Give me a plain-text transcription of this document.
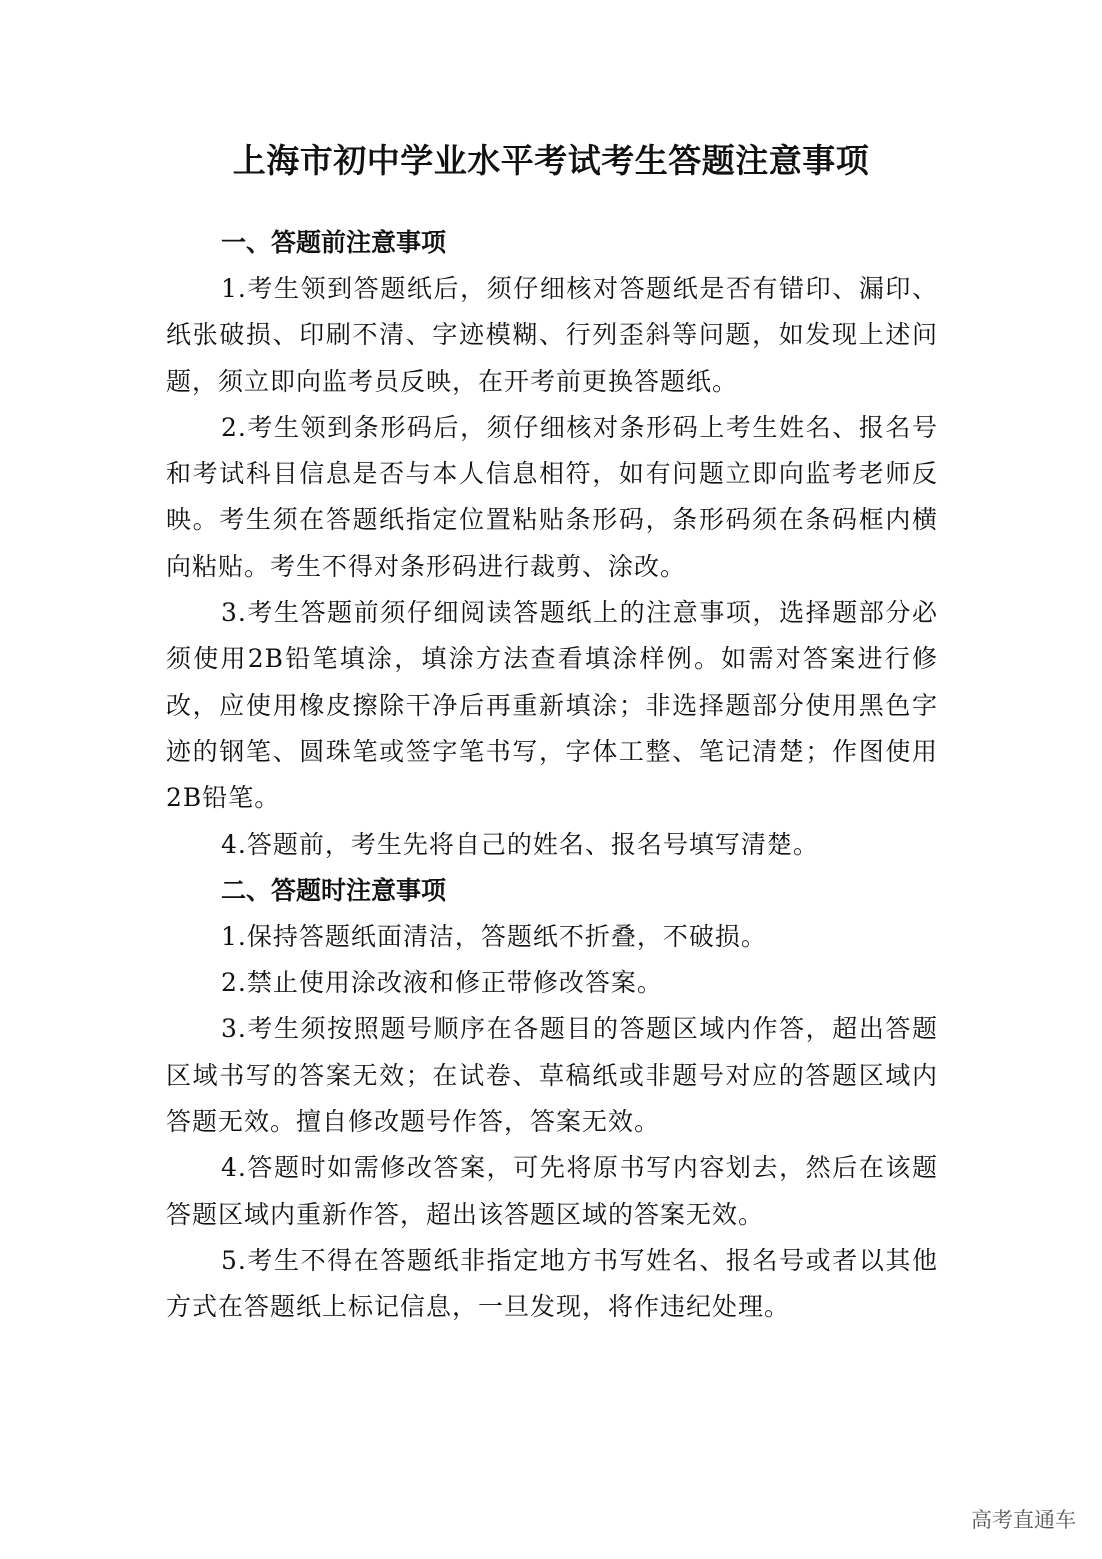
上海市初中学业水平考试考生答题注意事项
一、答题前注意事项

1.考生领到答题纸后，须仔细核对答题纸是否有错印、漏印、纸张破损、印刷不清、字迹模糊、行列歪斜等问题，如发现上述问题，须立即向监考员反映，在开考前更换答题纸。

2.考生领到条形码后，须仔细核对条形码上考生姓名、报名号和考试科目信息是否与本人信息相符，如有问题立即向监考老师反映。考生须在答题纸指定位置粘贴条形码，条形码须在条码框内横向粘贴。考生不得对条形码进行裁剪、涂改。

3.考生答题前须仔细阅读答题纸上的注意事项，选择题部分必须使用2B铅笔填涂，填涂方法查看填涂样例。如需对答案进行修改，应使用橡皮擦除干净后再重新填涂；非选择题部分使用黑色字迹的钢笔、圆珠笔或签字笔书写，字体工整、笔记清楚；作图使用2B铅笔。

4.答题前，考生先将自己的姓名、报名号填写清楚。

二、答题时注意事项

1.保持答题纸面清洁，答题纸不折叠，不破损。

2.禁止使用涂改液和修正带修改答案。

3.考生须按照题号顺序在各题目的答题区域内作答，超出答题区域书写的答案无效；在试卷、草稿纸或非题号对应的答题区域内答题无效。擅自修改题号作答，答案无效。

4.答题时如需修改答案，可先将原书写内容划去，然后在该题答题区域内重新作答，超出该答题区域的答案无效。

5.考生不得在答题纸非指定地方书写姓名、报名号或者以其他方式在答题纸上标记信息，一旦发现，将作违纪处理。

高考直通车
